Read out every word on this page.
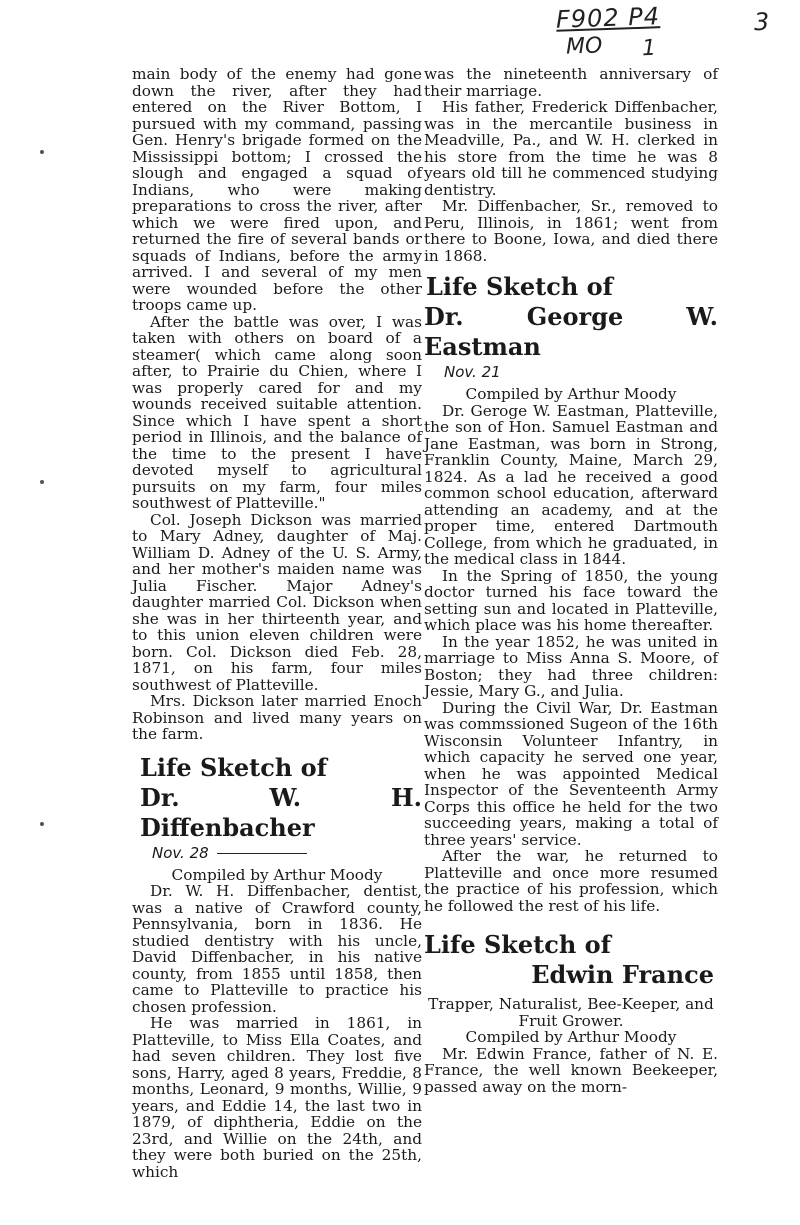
F902 P4
MO 1
3

main body of the enemy had gone down the river, after they had entered on the River Bottom, I pursued with my command, passing Gen. Henry's brigade formed on the Mississippi bottom; I crossed the slough and engaged a squad of Indians, who were making preparations to cross the river, after which we were fired upon, and returned the fire of several bands or squads of Indians, before the army arrived. I and several of my men were wounded before the other troops came up.

After the battle was over, I was taken with others on board of a steamer( which came along soon after, to Prairie du Chien, where I was properly cared for and my wounds received suitable attention. Since which I have spent a short period in Illinois, and the balance of the time to the present I have devoted myself to agricultural pursuits on my farm, four miles southwest of Platteville."

Col. Joseph Dickson was married to Mary Adney, daughter of Maj. William D. Adney of the U. S. Army, and her mother's maiden name was Julia Fischer. Major Adney's daughter married Col. Dickson when she was in her thirteenth year, and to this union eleven children were born. Col. Dickson died Feb. 28, 1871, on his farm, four miles southwest of Platteville.

Mrs. Dickson later married Enoch Robinson and lived many years on the farm.

Life Sketch of
Dr. W. H. Diffenbacher
Nov. 28

Compiled by Arthur Moody

Dr. W. H. Diffenbacher, dentist, was a native of Crawford county, Pennsylvania, born in 1836. He studied dentistry with his uncle, David Diffenbacher, in his native county, from 1855 until 1858, then came to Platteville to practice his chosen profession.

He was married in 1861, in Platteville, to Miss Ella Coates, and had seven children. They lost five sons, Harry, aged 8 years, Freddie, 8 months, Leonard, 9 months, Willie, 9 years, and Eddie 14, the last two in 1879, of diphtheria, Eddie on the 23rd, and Willie on the 24th, and they were both buried on the 25th, which

was the nineteenth anniversary of their marriage.

His father, Frederick Diffenbacher, was in the mercantile business in Meadville, Pa., and W. H. clerked in his store from the time he was 8 years old till he commenced studying dentistry.

Mr. Diffenbacher, Sr., removed to Peru, Illinois, in 1861; went from there to Boone, Iowa, and died there in 1868.

Life Sketch of
Dr. George W. Eastman
Nov. 21

Compiled by Arthur Moody

Dr. Geroge W. Eastman, Platteville, the son of Hon. Samuel Eastman and Jane Eastman, was born in Strong, Franklin County, Maine, March 29, 1824. As a lad he received a good common school education, afterward attending an academy, and at the proper time, entered Dartmouth College, from which he graduated, in the medical class in 1844.

In the Spring of 1850, the young doctor turned his face toward the setting sun and located in Platteville, which place was his home thereafter.

In the year 1852, he was united in marriage to Miss Anna S. Moore, of Boston; they had three children: Jessie, Mary G., and Julia.

During the Civil War, Dr. Eastman was commssioned Sugeon of the 16th Wisconsin Volunteer Infantry, in which capacity he served one year, when he was appointed Medical Inspector of the Seventeenth Army Corps this office he held for the two succeeding years, making a total of three years' service.

After the war, he returned to Platteville and once more resumed the practice of his profession, which he followed the rest of his life.

Life Sketch of
Edwin France

Trapper, Naturalist, Bee-Keeper, and Fruit Grower.

Compiled by Arthur Moody

Mr. Edwin France, father of N. E. France, the well known Beekeeper, passed away on the morn-
